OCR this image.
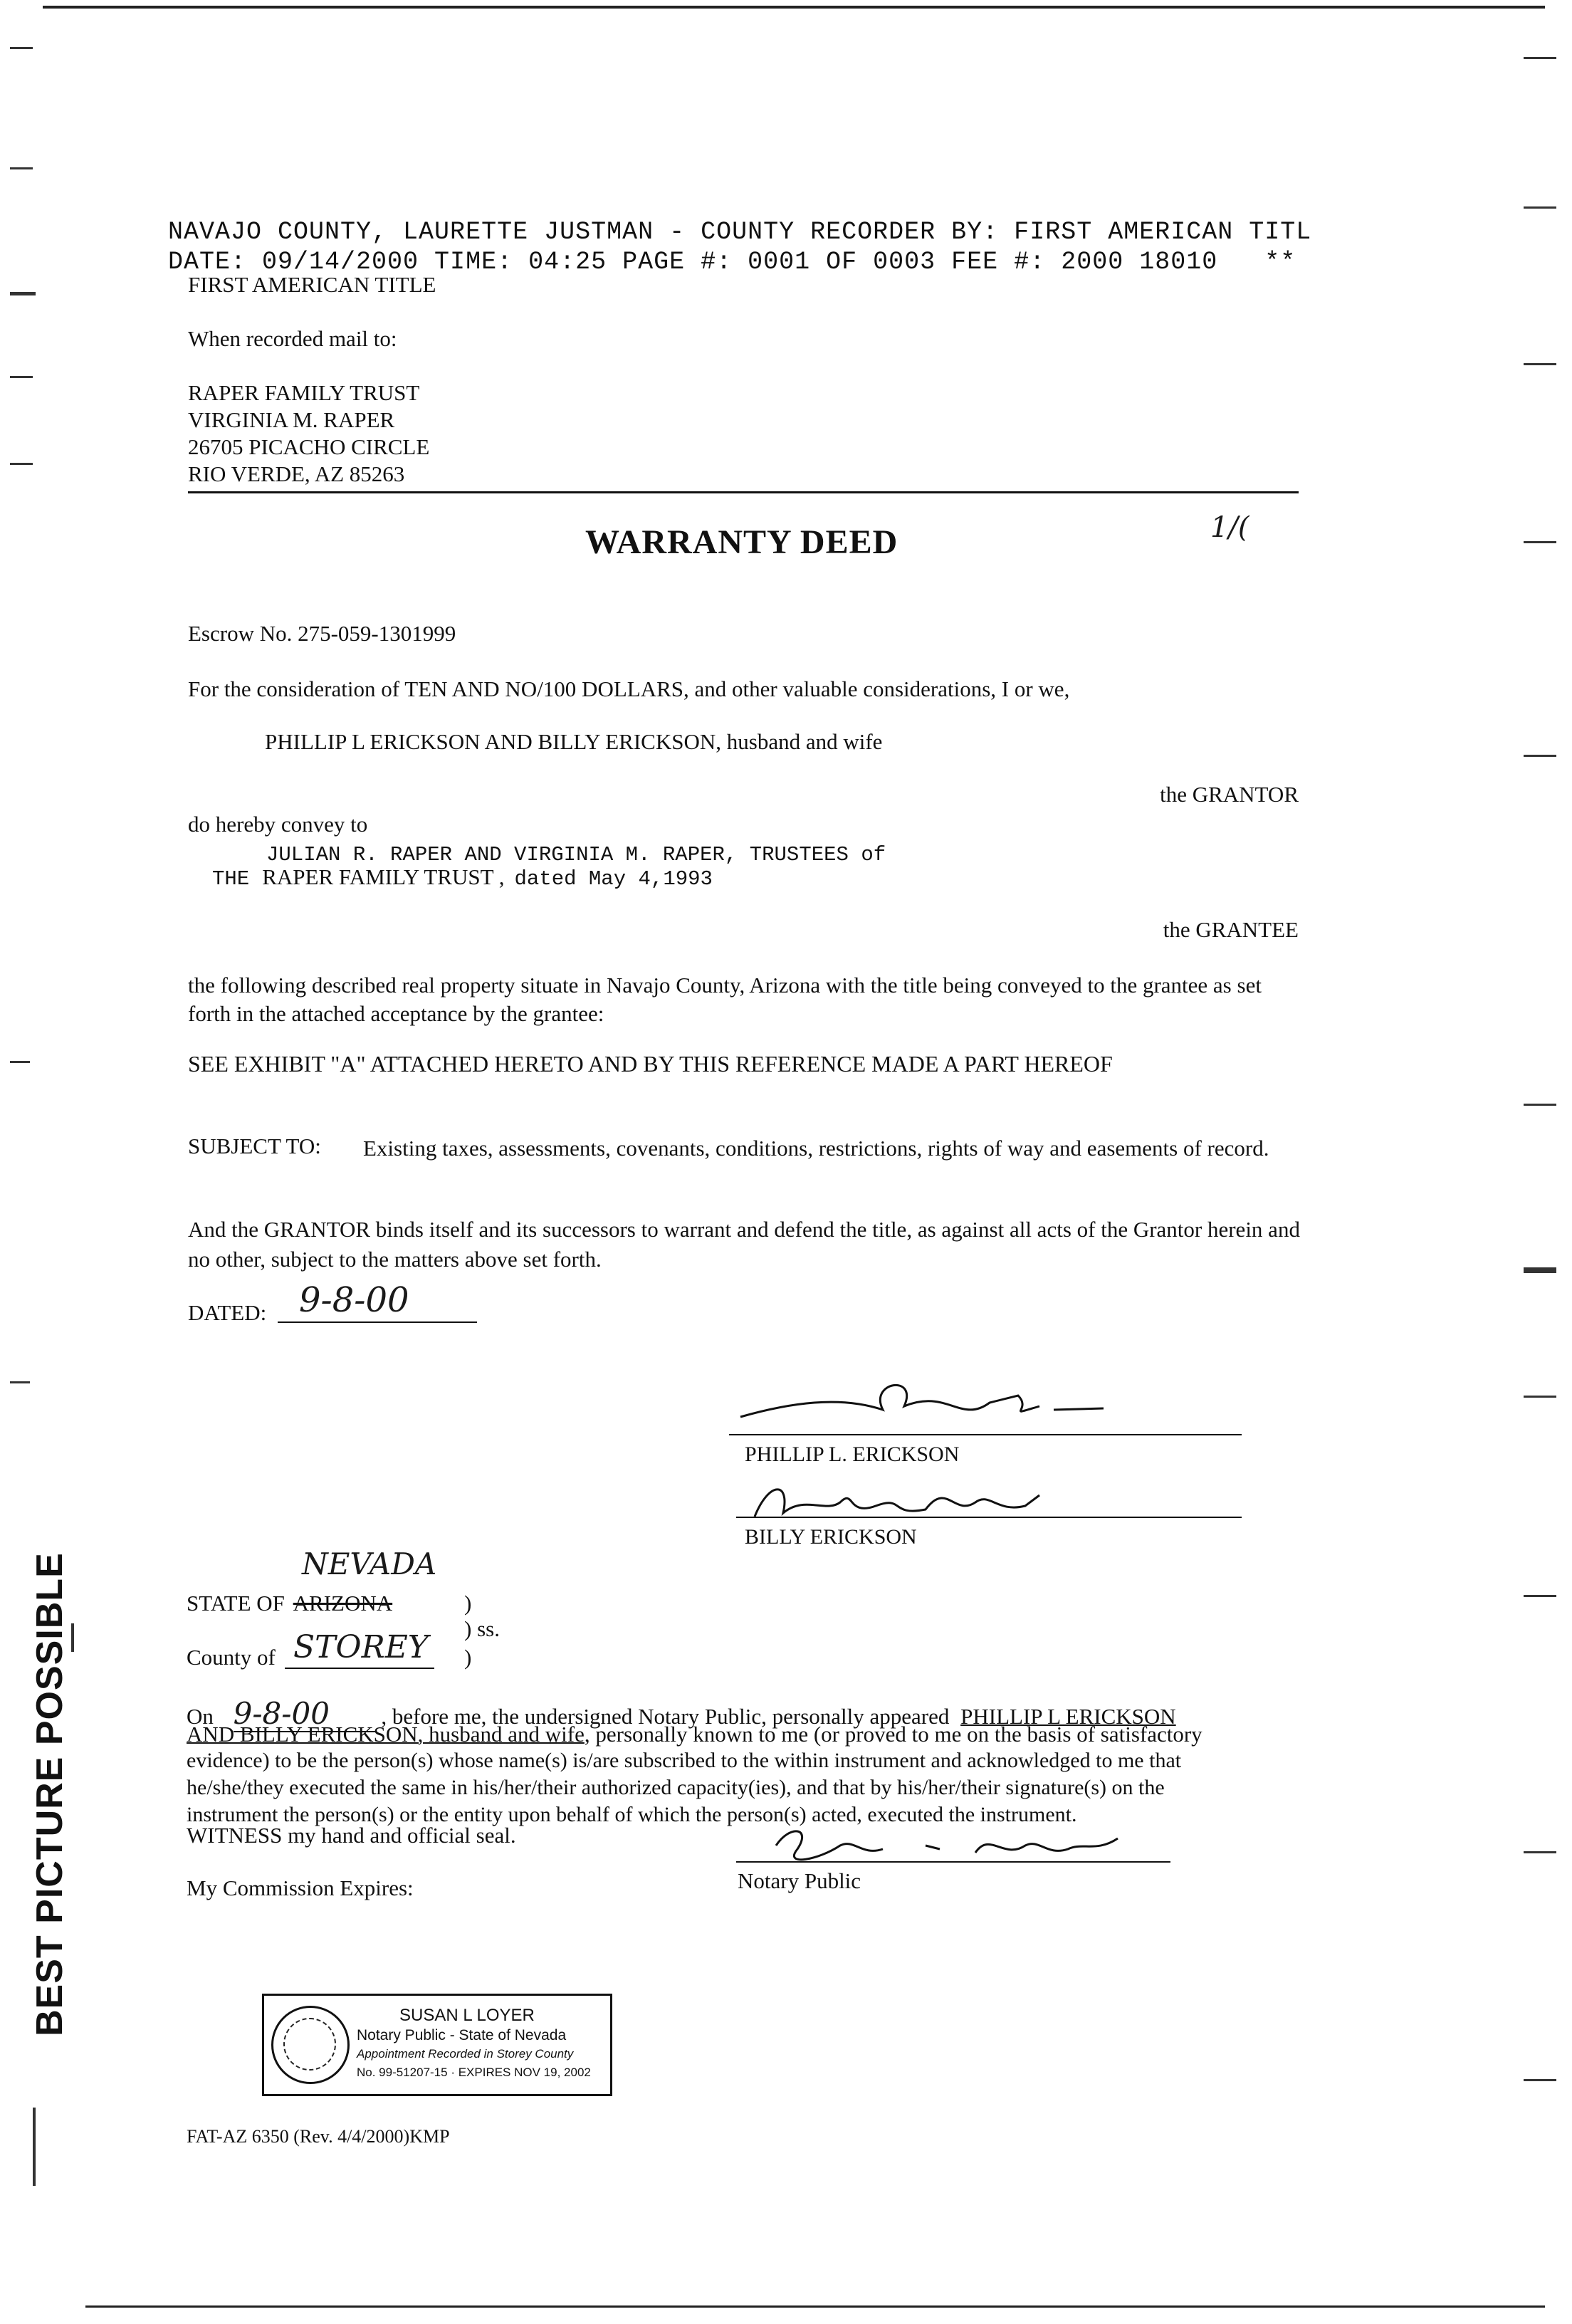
NAVAJO COUNTY, LAURETTE JUSTMAN - COUNTY RECORDER BY: FIRST AMERICAN TITL
DATE: 09/14/2000 TIME: 04:25 PAGE #: 0001 OF 0003 FEE #: 2000 18010 **
FIRST AMERICAN TITLE
When recorded mail to:
RAPER FAMILY TRUST
VIRGINIA M. RAPER
26705 PICACHO CIRCLE
RIO VERDE, AZ 85263
WARRANTY DEED	1/(
Escrow No. 275-059-1301999
For the consideration of TEN AND NO/100 DOLLARS, and other valuable considerations, I or we,
PHILLIP L ERICKSON AND BILLY ERICKSON, husband and wife
the GRANTOR
do hereby convey to
JULIAN R. RAPER AND VIRGINIA M. RAPER, TRUSTEES of
THE RAPER FAMILY TRUST , dated May 4,1993
the GRANTEE
the following described real property situate in Navajo County, Arizona with the title being conveyed to the grantee as set forth in the attached acceptance by the grantee:
SEE EXHIBIT "A" ATTACHED HERETO AND BY THIS REFERENCE MADE A PART HEREOF
SUBJECT TO: Existing taxes, assessments, covenants, conditions, restrictions, rights of way and easements of record.
And the GRANTOR binds itself and its successors to warrant and defend the title, as against all acts of the Grantor herein and no other, subject to the matters above set forth.
DATED: 9-8-00
PHILLIP L. ERICKSON
BILLY ERICKSON
NEVADA
STATE OF ARIZONA	)
) ss.
County of STOREY )
On 9-8-00 , before me, the undersigned Notary Public, personally appeared PHILLIP L ERICKSON
AND BILLY ERICKSON, husband and wife, personally known to me (or proved to me on the basis of satisfactory
evidence) to be the person(s) whose name(s) is/are subscribed to the within instrument and acknowledged to me that
he/she/they executed the same in his/her/their authorized capacity(ies), and that by his/her/their signature(s) on the
instrument the person(s) or the entity upon behalf of which the person(s) acted, executed the instrument.
WITNESS my hand and official seal.
My Commission Expires:	Notary Public
SUSAN L LOYER
Notary Public - State of Nevada
Appointment Recorded in Storey County
No. 99-51207-15 · EXPIRES NOV 19, 2002
FAT-AZ 6350 (Rev. 4/4/2000)KMP
BEST PICTURE POSSIBLE
